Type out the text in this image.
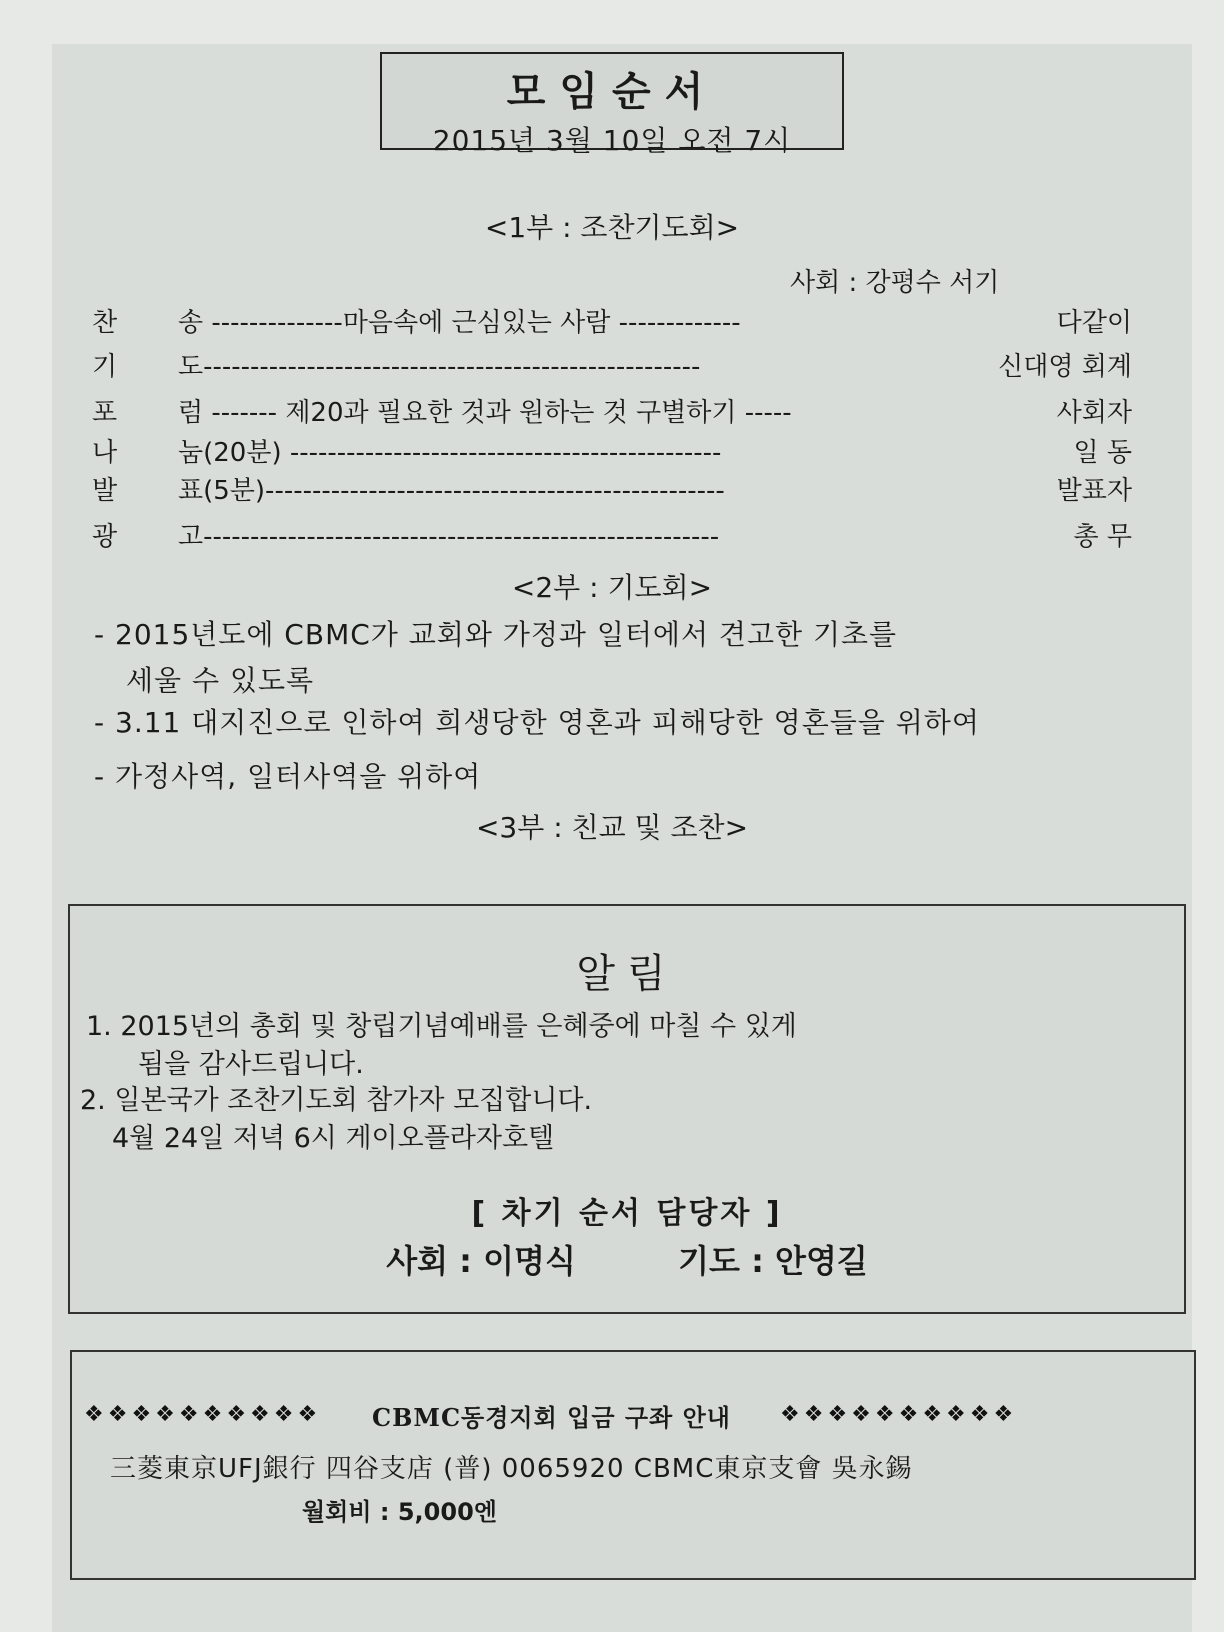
모임순서
2015년 3월 10일 오전 7시
<1부 : 조찬기도회>
사회 : 강평수 서기
찬 송 --------------마음속에 근심있는 사람 -------------	다같이
기 도-----------------------------------------------------	신대영 회계
포 럼 ------- 제20과 필요한 것과 원하는 것 구별하기 -----	사회자
나 눔(20분) ----------------------------------------------	일 동
발 표(5분)-------------------------------------------------	발표자
광 고-------------------------------------------------------	총 무
<2부 : 기도회>
- 2015년도에 CBMC가 교회와 가정과 일터에서 견고한 기초를
세울 수 있도록
- 3.11 대지진으로 인하여 희생당한 영혼과 피해당한 영혼들을 위하여
- 가정사역, 일터사역을 위하여
<3부 : 친교 및 조찬>
알림
1. 2015년의 총회 및 창립기념예배를 은혜중에 마칠 수 있게
됨을 감사드립니다.
2. 일본국가 조찬기도회 참가자 모집합니다.
4월 24일 저녁 6시 게이오플라자호텔
[ 차기 순서 담당자 ]
사회 : 이명식	기도 : 안영길
❖❖❖❖❖❖❖❖❖❖ CBMC동경지회 입금 구좌 안내 ❖❖❖❖❖❖❖❖❖❖
三菱東京UFJ銀行 四谷支店 (普) 0065920 CBMC東京支會 吳永錫
월회비 : 5,000엔
